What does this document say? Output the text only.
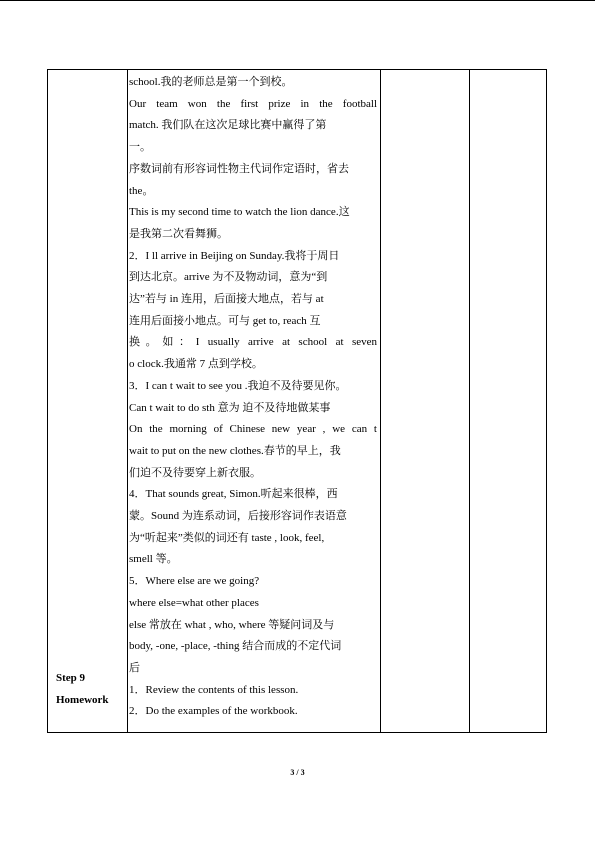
Step 9
Homework
school.我的老师总是第一个到校。
Our team won the first prize in the football
match. 我们队在这次足球比赛中赢得了第
一。
序数词前有形容词性物主代词作定语时，省去
the。
This is my second time to watch the lion dance.这
是我第二次看舞狮。
2．I ll arrive in Beijing on Sunday.我将于周日
到达北京。arrive 为不及物动词，意为“到
达”若与 in 连用，后面接大地点，若与 at
连用后面接小地点。可与 get to, reach 互
换。如：I usually arrive at school at seven
o clock.我通常 7 点到学校。
3．I can t wait to see you .我迫不及待要见你。
Can t wait to do sth 意为 迫不及待地做某事
On the morning of Chinese new year , we can t
wait to put on the new clothes.春节的早上，我
们迫不及待要穿上新衣服。
4．That sounds great, Simon.听起来很棒，西
蒙。Sound 为连系动词，后接形容词作表语意
为“听起来”类似的词还有 taste , look, feel,
smell 等。
5．Where else are we going?
where else=what other places
else 常放在 what , who, where 等疑问词及与
body, -one, -place, -thing 结合而成的不定代词
后
1．Review the contents of this lesson.
2．Do the examples of the workbook.
3 / 3
